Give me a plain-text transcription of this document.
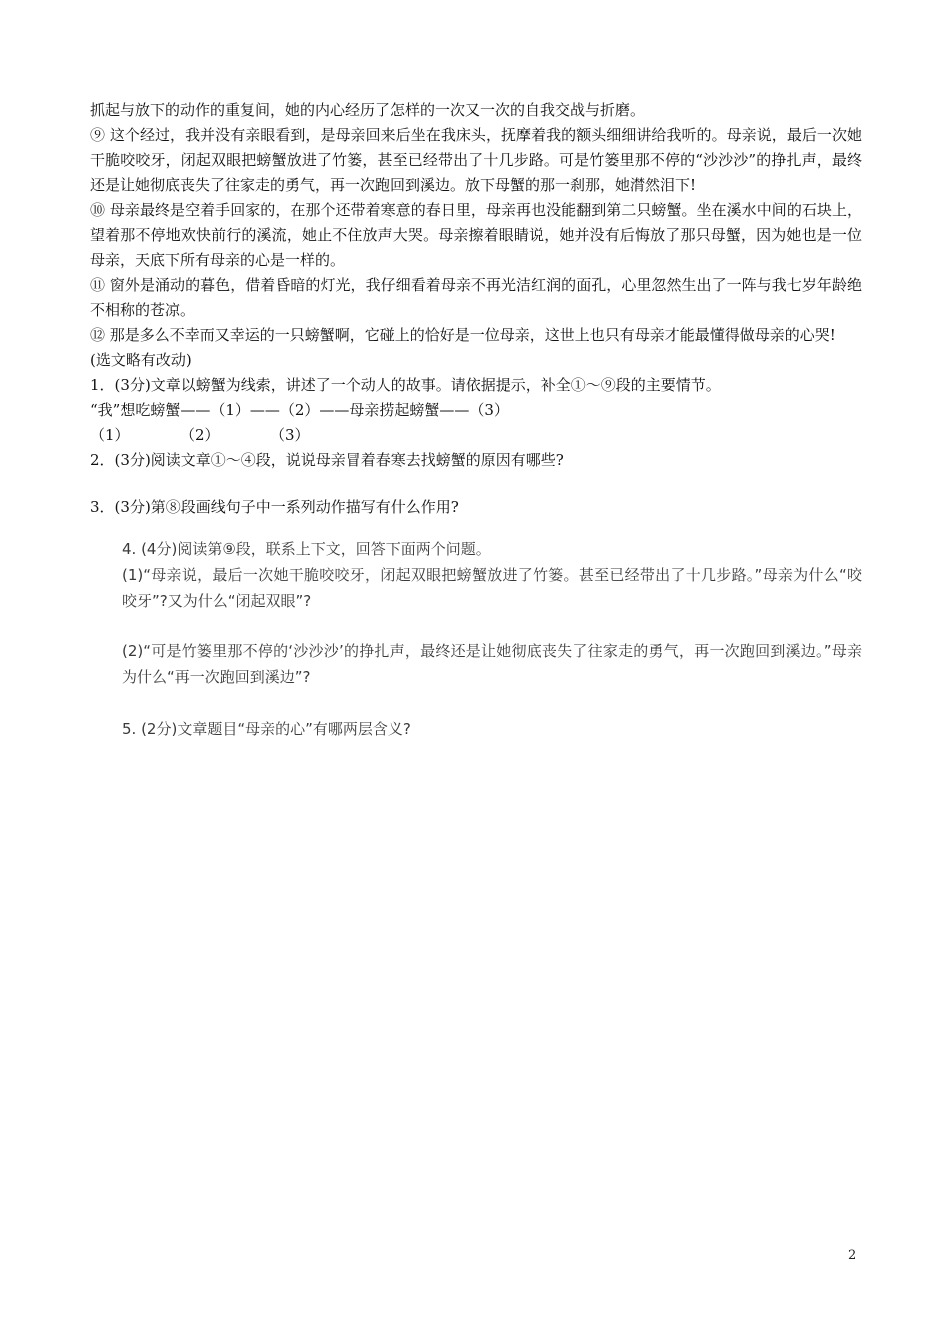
抓起与放下的动作的重复间，她的内心经历了怎样的一次又一次的自我交战与折磨。

⑨ 这个经过，我并没有亲眼看到，是母亲回来后坐在我床头，抚摩着我的额头细细讲给我听的。母亲说，最后一次她干脆咬咬牙，闭起双眼把螃蟹放进了竹篓，甚至已经带出了十几步路。可是竹篓里那不停的“沙沙沙”的挣扎声，最终还是让她彻底丧失了往家走的勇气，再一次跑回到溪边。放下母蟹的那一刹那，她潸然泪下!

⑩ 母亲最终是空着手回家的，在那个还带着寒意的春日里，母亲再也没能翻到第二只螃蟹。坐在溪水中间的石块上，望着那不停地欢快前行的溪流，她止不住放声大哭。母亲擦着眼睛说，她并没有后悔放了那只母蟹，因为她也是一位母亲，天底下所有母亲的心是一样的。

⑪ 窗外是涌动的暮色，借着昏暗的灯光，我仔细看着母亲不再光洁红润的面孔，心里忽然生出了一阵与我七岁年龄绝不相称的苍凉。

⑫ 那是多么不幸而又幸运的一只螃蟹啊，它碰上的恰好是一位母亲，这世上也只有母亲才能最懂得做母亲的心哭!

(选文略有改动)

1．(3分)文章以螃蟹为线索，讲述了一个动人的故事。请依据提示，补全①～⑨段的主要情节。

“我”想吃螃蟹——（1）——（2）——母亲捞起螃蟹——（3）

（1）	（2）	（3）

2．(3分)阅读文章①～④段，说说母亲冒着春寒去找螃蟹的原因有哪些?

3．(3分)第⑧段画线句子中一系列动作描写有什么作用?

4. (4分)阅读第⑨段，联系上下文，回答下面两个问题。

(1)“母亲说，最后一次她干脆咬咬牙，闭起双眼把螃蟹放进了竹篓。甚至已经带出了十几步路。”母亲为什么“咬咬牙”?又为什么“闭起双眼”?

(2)“可是竹篓里那不停的‘沙沙沙’的挣扎声，最终还是让她彻底丧失了往家走的勇气，再一次跑回到溪边。”母亲为什么“再一次跑回到溪边”?

5. (2分)文章题目“母亲的心”有哪两层含义?

2
